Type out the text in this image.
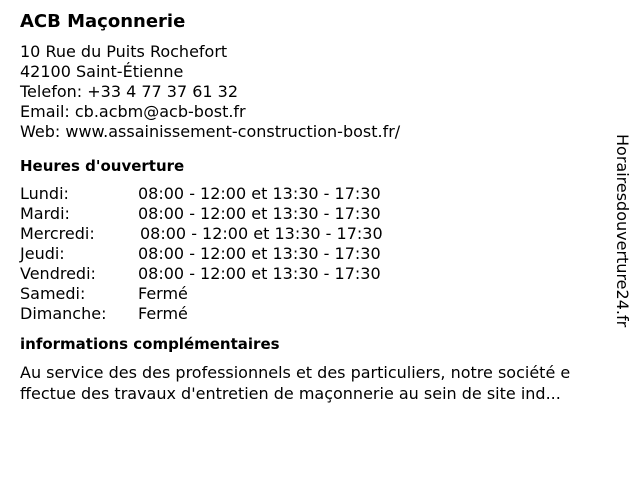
ACB Maçonnerie
10 Rue du Puits Rochefort
42100 Saint-Étienne
Telefon: +33 4 77 37 61 32
Email: cb.acbm@acb-bost.fr
Web: www.assainissement-construction-bost.fr/
Heures d'ouverture
Lundi:	08:00 - 12:00 et 13:30 - 17:30
Mardi:	08:00 - 12:00 et 13:30 - 17:30
Mercredi:	08:00 - 12:00 et 13:30 - 17:30
Jeudi:	08:00 - 12:00 et 13:30 - 17:30
Vendredi:	08:00 - 12:00 et 13:30 - 17:30
Samedi:	Fermé
Dimanche: Fermé
informations complémentaires
Au service des des professionnels et des particuliers, notre société e
ffectue des travaux d'entretien de maçonnerie au sein de site ind...
Horairesdouverture24.fr
